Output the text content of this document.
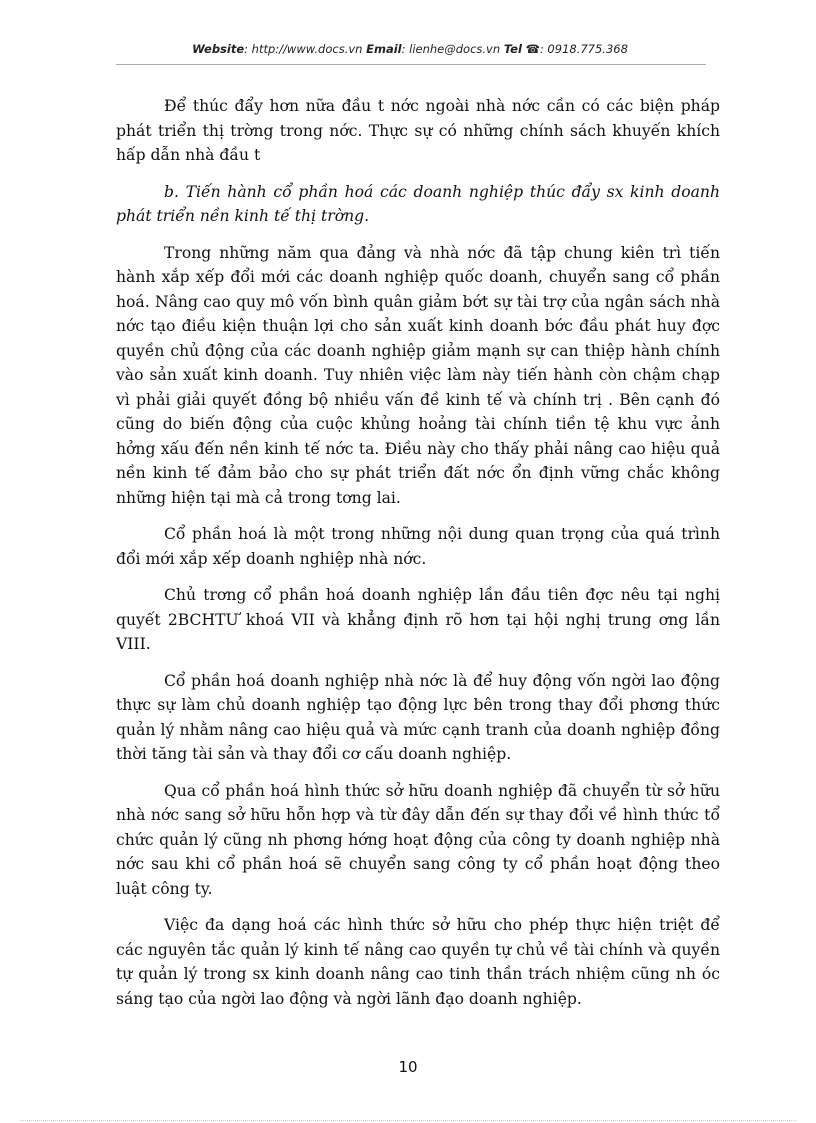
Website: http://www.docs.vn Email: lienhe@docs.vn Tel ☎: 0918.775.368

Để thúc đẩy hơn nữa đầu t nớc ngoài nhà nớc cần có các biện pháp phát triển thị trờng trong nớc. Thực sự có những chính sách khuyến khích hấp dẫn nhà đầu t

b. Tiến hành cổ phần hoá các doanh nghiệp thúc đẩy sx kinh doanh phát triển nền kinh tế thị trờng.

Trong những năm qua đảng và nhà nớc đã tập chung kiên trì tiến hành xắp xếp đổi mới các doanh nghiệp quốc doanh, chuyển sang cổ phần hoá. Nâng cao quy mô vốn bình quân giảm bớt sự tài trợ của ngân sách nhà nớc tạo điều kiện thuận lợi cho sản xuất kinh doanh bớc đầu phát huy đợc quyền chủ động của các doanh nghiệp giảm mạnh sự can thiệp hành chính vào sản xuất kinh doanh. Tuy nhiên việc làm này tiến hành còn chậm chạp vì phải giải quyết đồng bộ nhiều vấn đề kinh tế và chính trị . Bên cạnh đó cũng do biến động của cuộc khủng hoảng tài chính tiền tệ khu vực ảnh hởng xấu đến nền kinh tế nớc ta. Điều này cho thấy phải nâng cao hiệu quả nền kinh tế đảm bảo cho sự phát triển đất nớc ổn định vững chắc không những hiện tại mà cả trong tơng lai.

Cổ phần hoá là một trong những nội dung quan trọng của quá trình đổi mới xắp xếp doanh nghiệp nhà nớc.

Chủ trơng cổ phần hoá doanh nghiệp lần đầu tiên đợc nêu tại nghị quyết 2BCHTƯ khoá VII và khẳng định rõ hơn tại hội nghị trung ơng lần VIII.

Cổ phần hoá doanh nghiệp nhà nớc là để huy động vốn ngời lao động thực sự làm chủ doanh nghiệp tạo động lực bên trong thay đổi phơng thức quản lý nhằm nâng cao hiệu quả và mức cạnh tranh của doanh nghiệp đồng thời tăng tài sản và thay đổi cơ cấu doanh nghiệp.

Qua cổ phần hoá hình thức sở hữu doanh nghiệp đã chuyển từ sở hữu nhà nớc sang sở hữu hỗn hợp và từ đây dẫn đến sự thay đổi về hình thức tổ chức quản lý cũng nh phơng hớng hoạt động của công ty doanh nghiệp nhà nớc sau khi cổ phần hoá sẽ chuyển sang công ty cổ phần hoạt động theo luật công ty.

Việc đa dạng hoá các hình thức sở hữu cho phép thực hiện triệt để các nguyên tắc quản lý kinh tế nâng cao quyền tự chủ về tài chính và quyền tự quản lý trong sx kinh doanh nâng cao tinh thần trách nhiệm cũng nh óc sáng tạo của ngời lao động và ngời lãnh đạo doanh nghiệp.

10
